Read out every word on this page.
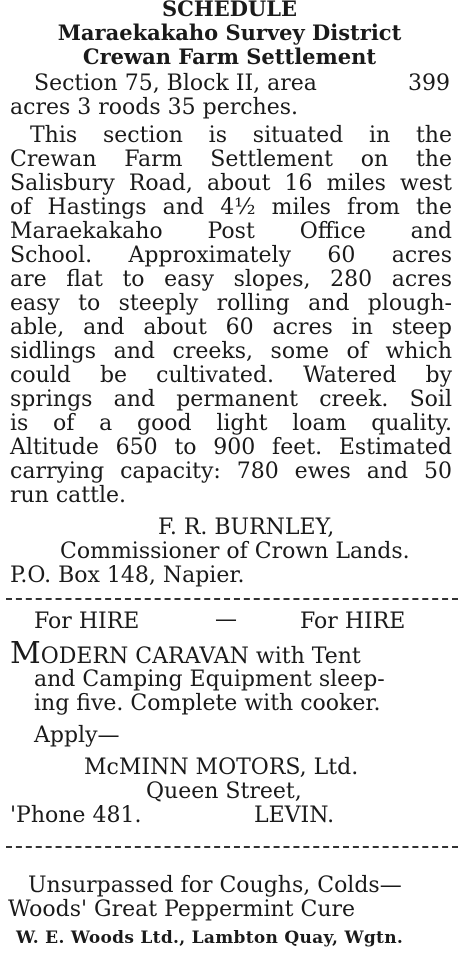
SCHEDULE
Maraekakaho Survey District
Crewan Farm Settlement
Section 75, Block II, area	399
acres 3 roods 35 perches.
This section is situated in the
Crewan Farm Settlement on the
Salisbury Road, about 16 miles west
of Hastings and 4½ miles from the
Maraekakaho Post Office and
School. Approximately 60 acres
are flat to easy slopes, 280 acres
easy to steeply rolling and plough-
able, and about 60 acres in steep
sidlings and creeks, some of which
could be cultivated. Watered by
springs and permanent creek. Soil
is of a good light loam quality.
Altitude 650 to 900 feet. Estimated
carrying capacity: 780 ewes and 50
run cattle.
F. R. BURNLEY,
Commissioner of Crown Lands.
P.O. Box 148, Napier.
For HIRE	—	For HIRE
MODERN CARAVAN with Tent
and Camping Equipment sleep-
ing five. Complete with cooker.
Apply—
McMINN MOTORS, Ltd.
Queen Street,
'Phone 481.	LEVIN.
Unsurpassed for Coughs, Colds—
Woods' Great Peppermint Cure
W. E. Woods Ltd., Lambton Quay, Wgtn.
